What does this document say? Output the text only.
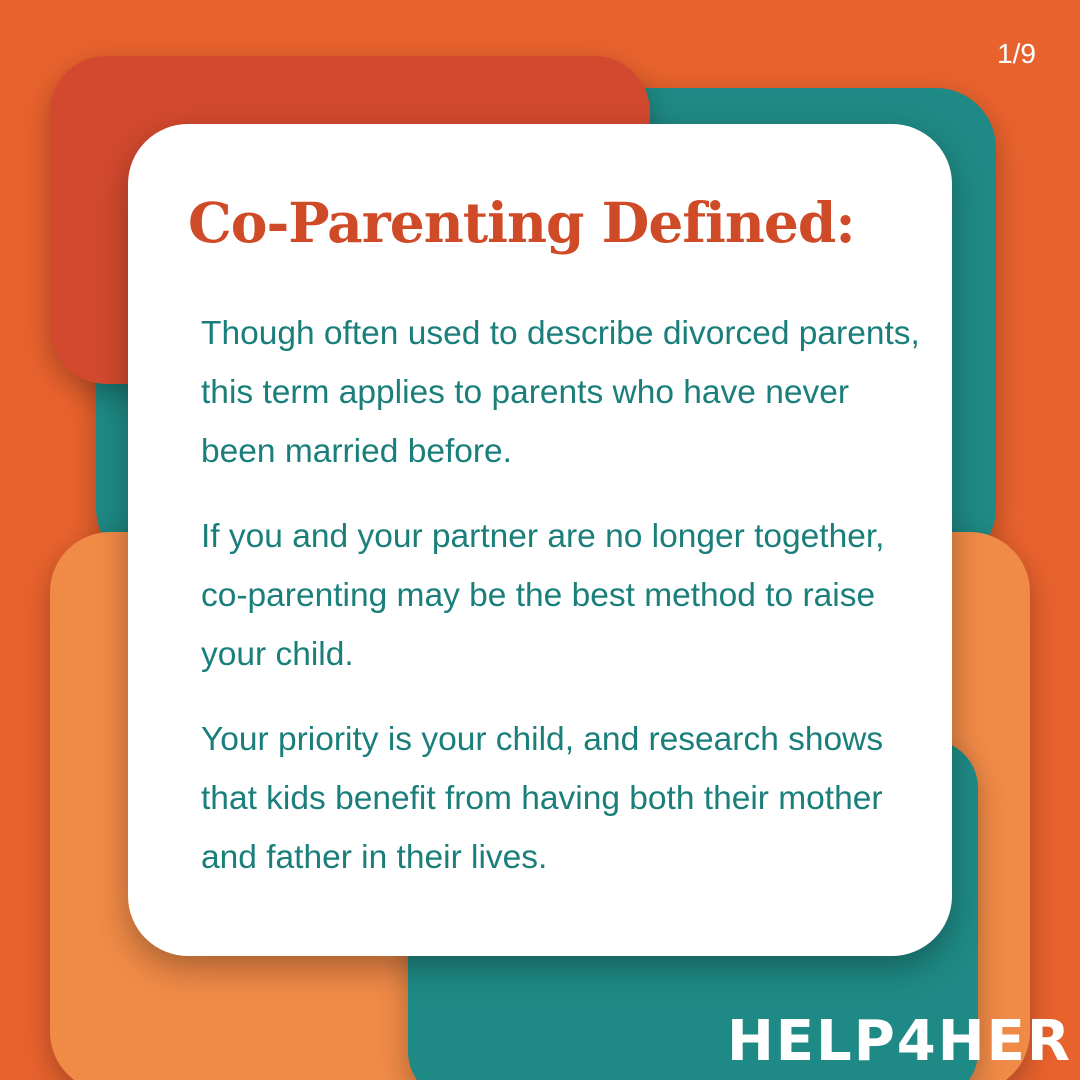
1/9
Co-Parenting Defined:

Though often used to describe divorced parents, this term applies to parents who have never been married before.

If you and your partner are no longer together, co-parenting may be the best method to raise your child.

Your priority is your child, and research shows that kids benefit from having both their mother and father in their lives.

HELP4HER
